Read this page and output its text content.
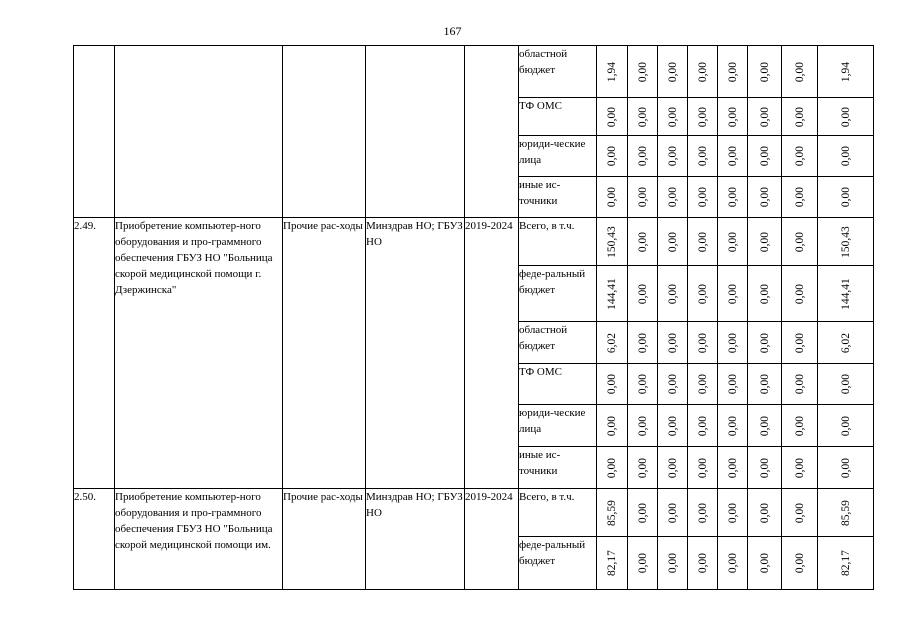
167
					областной бюджет	1,94	0,00	0,00	0,00	0,00	0,00	0,00	1,94

					ТФ ОМС	0,00	0,00	0,00	0,00	0,00	0,00	0,00	0,00

					юриди-ческие лица	0,00	0,00	0,00	0,00	0,00	0,00	0,00	0,00

					иные ис-точники	0,00	0,00	0,00	0,00	0,00	0,00	0,00	0,00

2.49.	Приобретение компьютер-ного оборудования и про-граммного обеспечения ГБУЗ НО "Больница скорой медицинской помощи г. Дзержинска"	Прочие рас-ходы	Минздрав НО; ГБУЗ НО	2019-2024	Всего, в т.ч.	150,43	0,00	0,00	0,00	0,00	0,00	0,00	150,43

					феде-ральный бюджет	144,41	0,00	0,00	0,00	0,00	0,00	0,00	144,41

					областной бюджет	6,02	0,00	0,00	0,00	0,00	0,00	0,00	6,02

					ТФ ОМС	0,00	0,00	0,00	0,00	0,00	0,00	0,00	0,00

					юриди-ческие лица	0,00	0,00	0,00	0,00	0,00	0,00	0,00	0,00

					иные ис-точники	0,00	0,00	0,00	0,00	0,00	0,00	0,00	0,00

2.50.	Приобретение компьютер-ного оборудования и про-граммного обеспечения ГБУЗ НО "Больница скорой медицинской помощи им.	Прочие рас-ходы	Минздрав НО; ГБУЗ НО	2019-2024	Всего, в т.ч.	85,59	0,00	0,00	0,00	0,00	0,00	0,00	85,59

					феде-ральный бюджет	82,17	0,00	0,00	0,00	0,00	0,00	0,00	82,17
